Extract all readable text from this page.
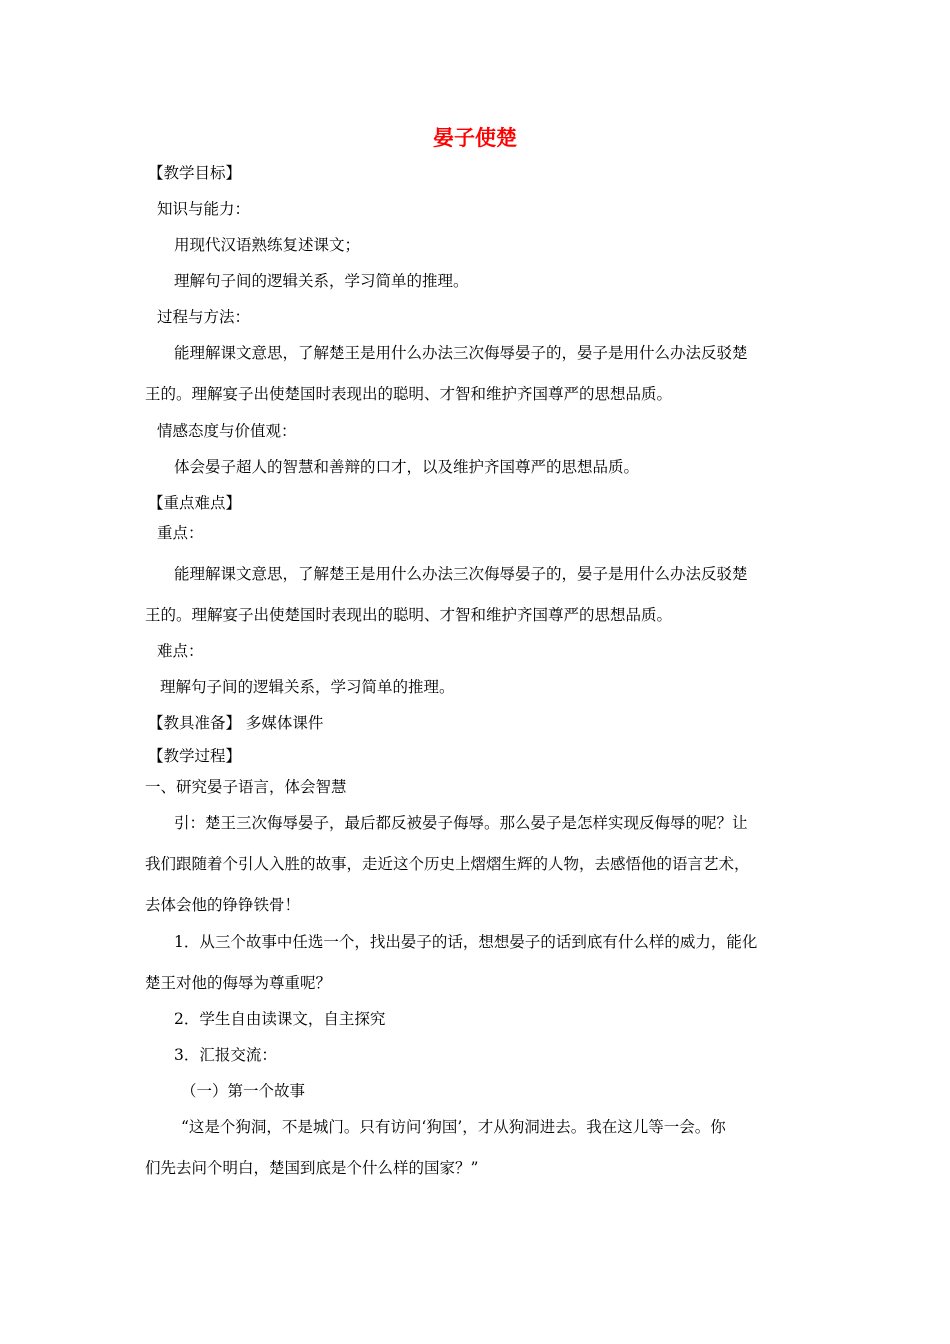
晏子使楚
【教学目标】
知识与能力：
用现代汉语熟练复述课文；
理解句子间的逻辑关系，学习简单的推理。
过程与方法：
能理解课文意思，了解楚王是用什么办法三次侮辱晏子的，晏子是用什么办法反驳楚
王的。理解宴子出使楚国时表现出的聪明、才智和维护齐国尊严的思想品质。
情感态度与价值观：
体会晏子超人的智慧和善辩的口才，以及维护齐国尊严的思想品质。
【重点难点】
重点：
能理解课文意思，了解楚王是用什么办法三次侮辱晏子的，晏子是用什么办法反驳楚
王的。理解宴子出使楚国时表现出的聪明、才智和维护齐国尊严的思想品质。
难点：
理解句子间的逻辑关系，学习简单的推理。
【教具准备】 多媒体课件
【教学过程】
一、研究晏子语言，体会智慧
引：楚王三次侮辱晏子，最后都反被晏子侮辱。那么晏子是怎样实现反侮辱的呢？让
我们跟随着个引人入胜的故事，走近这个历史上熠熠生辉的人物，去感悟他的语言艺术，
去体会他的铮铮铁骨！
1．从三个故事中任选一个，找出晏子的话，想想晏子的话到底有什么样的威力，能化
楚王对他的侮辱为尊重呢？
2．学生自由读课文，自主探究
3．汇报交流：
（一）第一个故事
“这是个狗洞，不是城门。只有访问‘狗国’，才从狗洞进去。我在这儿等一会。你
们先去问个明白，楚国到底是个什么样的国家？”
